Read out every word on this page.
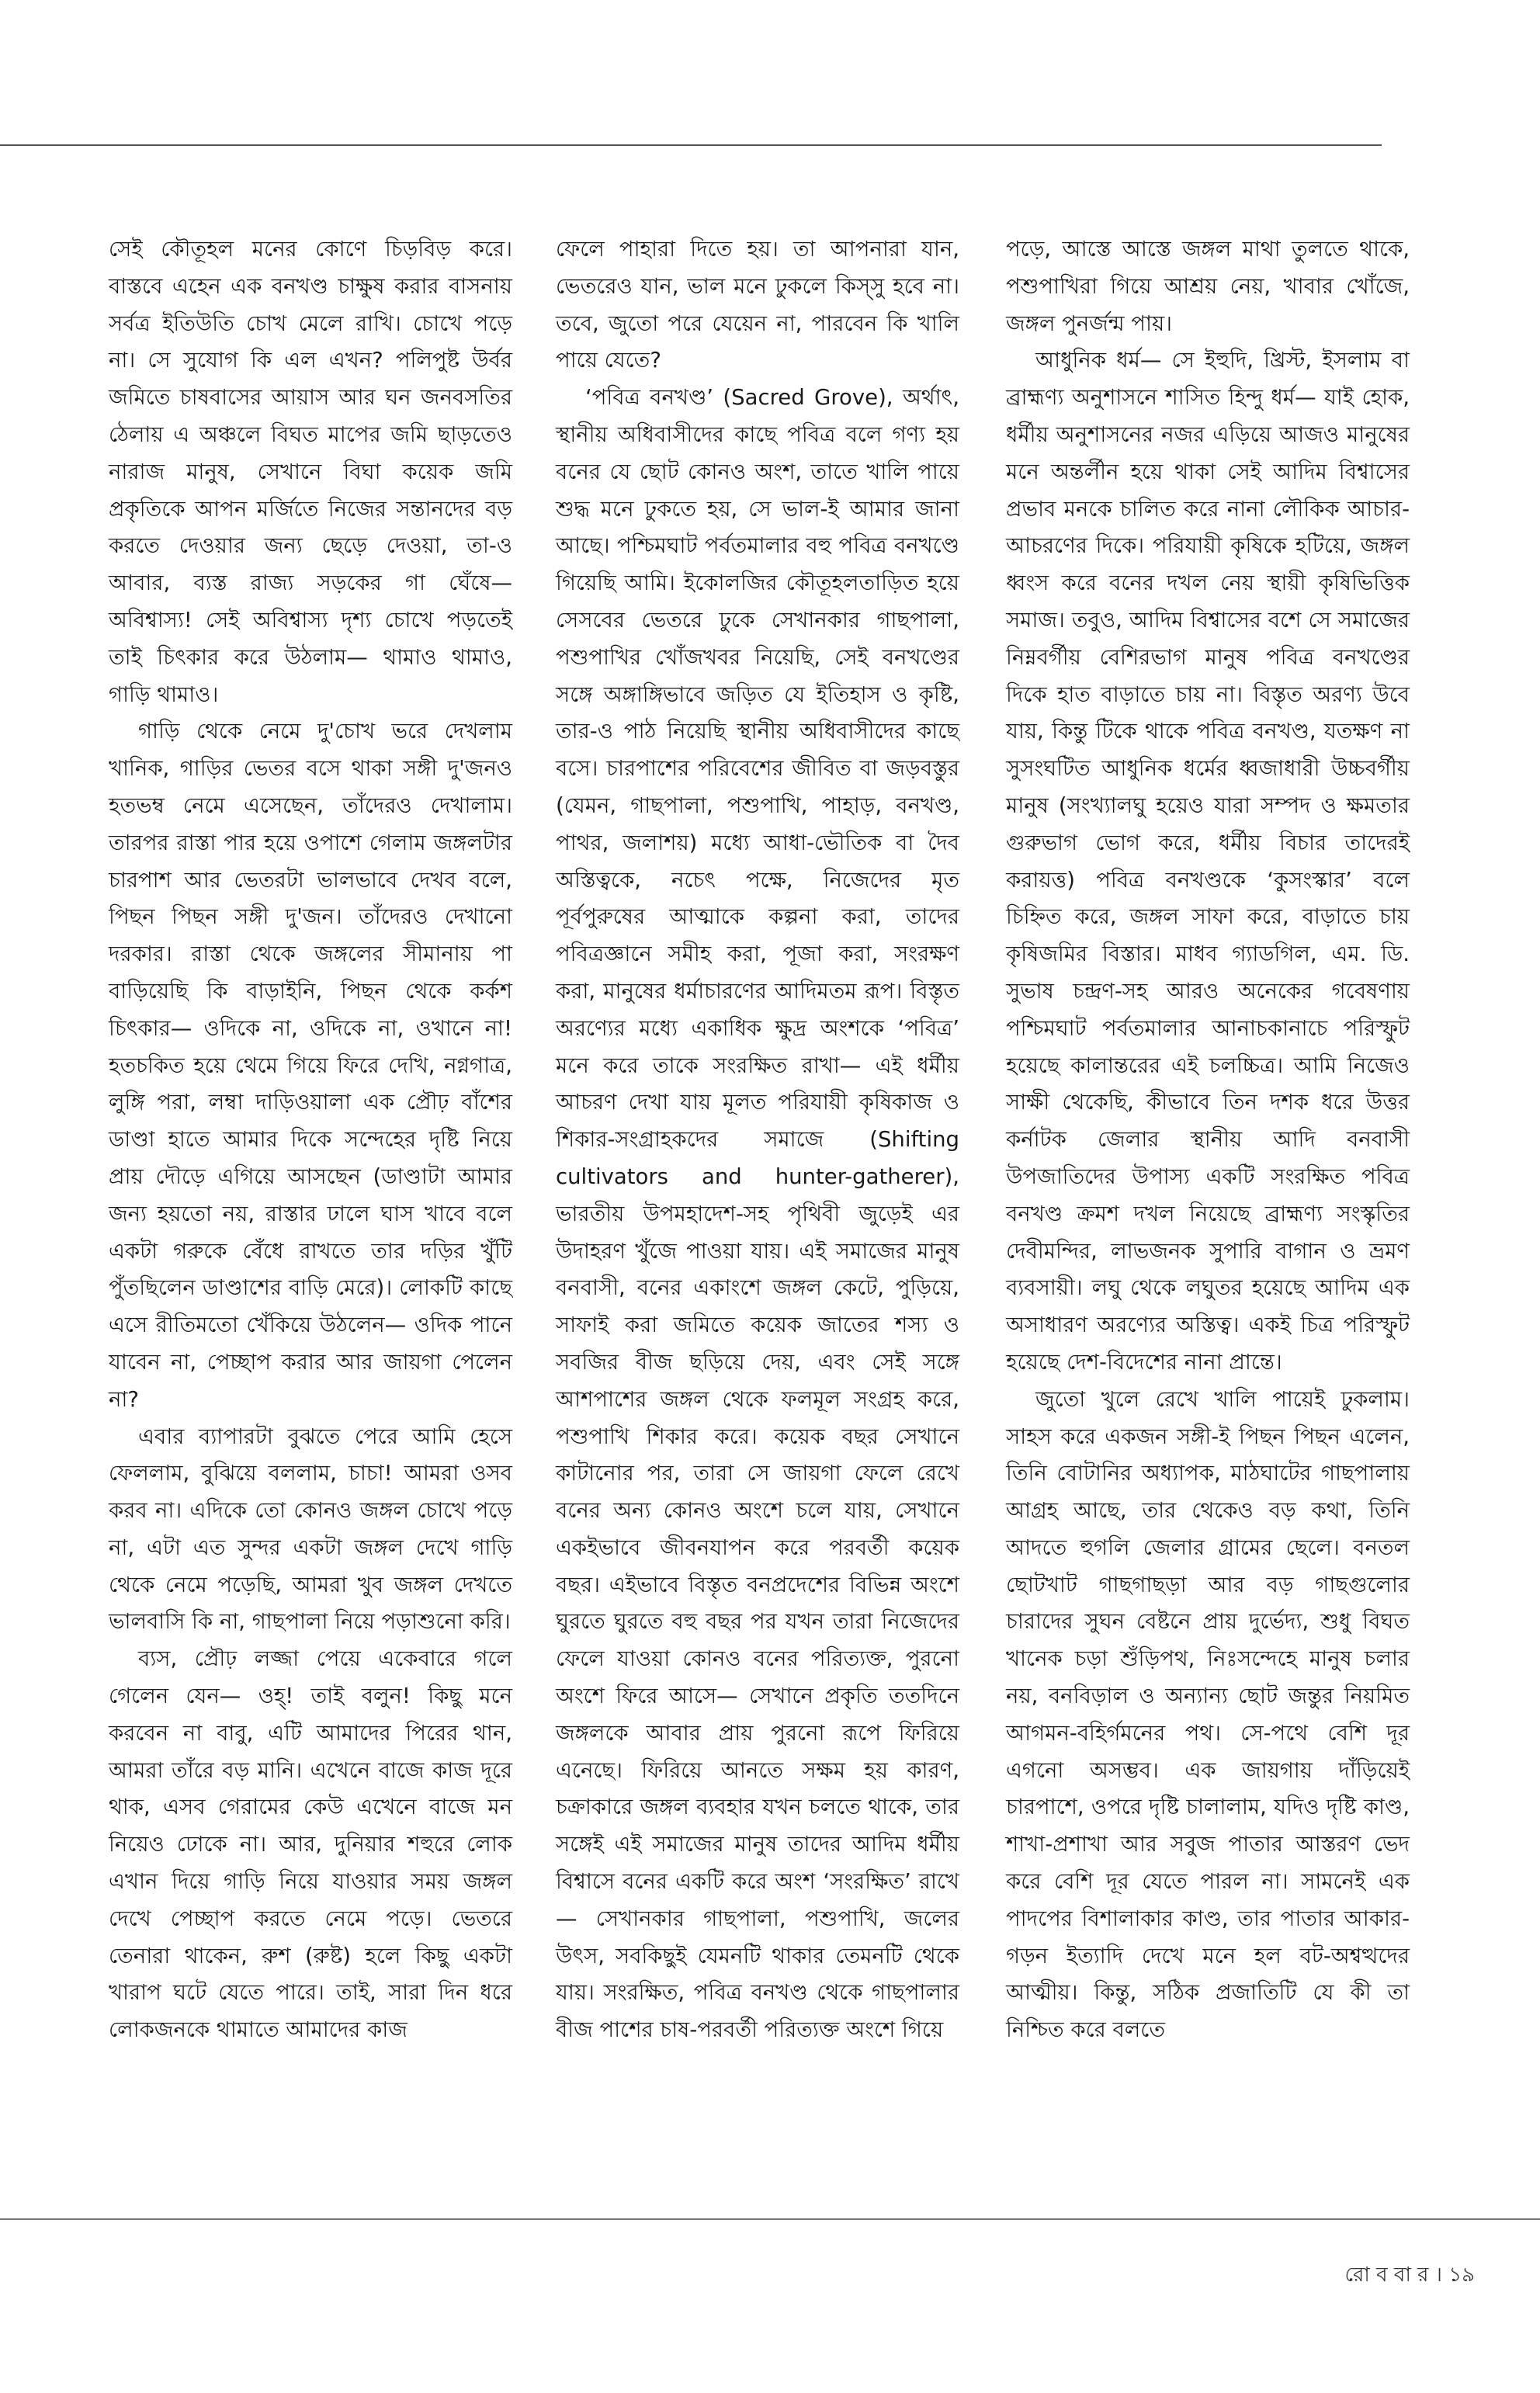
সেই কৌতূহল মনের কোণে চিড়বিড় করে। বাস্তবে এহেন এক বনখণ্ড চাক্ষুষ করার বাসনায় সর্বত্র ইতিউতি চোখ মেলে রাখি। চোখে পড়ে না। সে সুযোগ কি এল এখন? পলিপুষ্ট উর্বর জমিতে চাষবাসের আয়াস আর ঘন জনবসতির ঠেলায় এ অঞ্চলে বিঘত মাপের জমি ছাড়তেও নারাজ মানুষ, সেখানে বিঘা কয়েক জমি প্রকৃতিকে আপন মর্জিতে নিজের সন্তানদের বড় করতে দেওয়ার জন্য ছেড়ে দেওয়া, তা-ও আবার, ব্যস্ত রাজ্য সড়কের গা ঘেঁষে— অবিশ্বাস্য! সেই অবিশ্বাস্য দৃশ্য চোখে পড়তেই তাই চিৎকার করে উঠলাম— থামাও থামাও, গাড়ি থামাও।

গাড়ি থেকে নেমে দু'চোখ ভরে দেখলাম খানিক, গাড়ির ভেতর বসে থাকা সঙ্গী দু'জনও হতভম্ব নেমে এসেছেন, তাঁদেরও দেখালাম। তারপর রাস্তা পার হয়ে ওপাশে গেলাম জঙ্গলটার চারপাশ আর ভেতরটা ভালভাবে দেখব বলে, পিছন পিছন সঙ্গী দু'জন। তাঁদেরও দেখানো দরকার। রাস্তা থেকে জঙ্গলের সীমানায় পা বাড়িয়েছি কি বাড়াইনি, পিছন থেকে কর্কশ চিৎকার— ওদিকে না, ওদিকে না, ওখানে না! হতচকিত হয়ে থেমে গিয়ে ফিরে দেখি, নগ্নগাত্র, লুঙ্গি পরা, লম্বা দাড়িওয়ালা এক প্রৌঢ় বাঁশের ডাণ্ডা হাতে আমার দিকে সন্দেহের দৃষ্টি নিয়ে প্রায় দৌড়ে এগিয়ে আসছেন (ডাণ্ডাটা আমার জন্য হয়তো নয়, রাস্তার ঢালে ঘাস খাবে বলে একটা গরুকে বেঁধে রাখতে তার দড়ির খুঁটি পুঁতছিলেন ডাণ্ডাশের বাড়ি মেরে)। লোকটি কাছে এসে রীতিমতো খেঁকিয়ে উঠলেন— ওদিক পানে যাবেন না, পেচ্ছাপ করার আর জায়গা পেলেন না?

এবার ব্যাপারটা বুঝতে পেরে আমি হেসে ফেললাম, বুঝিয়ে বললাম, চাচা! আমরা ওসব করব না। এদিকে তো কোনও জঙ্গল চোখে পড়ে না, এটা এত সুন্দর একটা জঙ্গল দেখে গাড়ি থেকে নেমে পড়েছি, আমরা খুব জঙ্গল দেখতে ভালবাসি কি না, গাছপালা নিয়ে পড়াশুনো করি।

ব্যস, প্রৌঢ় লজ্জা পেয়ে একেবারে গলে গেলেন যেন— ওহ্! তাই বলুন! কিছু মনে করবেন না বাবু, এটি আমাদের পিরের থান, আমরা তাঁরে বড় মানি। এখেনে বাজে কাজ দূরে থাক, এসব গেরামের কেউ এখেনে বাজে মন নিয়েও ঢোকে না। আর, দুনিয়ার শহুরে লোক এখান দিয়ে গাড়ি নিয়ে যাওয়ার সময় জঙ্গল দেখে পেচ্ছাপ করতে নেমে পড়ে। ভেতরে তেনারা থাকেন, রুশ (রুষ্ট) হলে কিছু একটা খারাপ ঘটে যেতে পারে। তাই, সারা দিন ধরে লোকজনকে থামাতে আমাদের কাজ

ফেলে পাহারা দিতে হয়। তা আপনারা যান, ভেতরেও যান, ভাল মনে ঢুকলে কিস্‌সু হবে না। তবে, জুতো পরে যেয়েন না, পারবেন কি খালি পায়ে যেতে?

‘পবিত্র বনখণ্ড’ (Sacred Grove), অর্থাৎ, স্থানীয় অধিবাসীদের কাছে পবিত্র বলে গণ্য হয় বনের যে ছোট কোনও অংশ, তাতে খালি পায়ে শুদ্ধ মনে ঢুকতে হয়, সে ভাল-ই আমার জানা আছে। পশ্চিমঘাট পর্বতমালার বহু পবিত্র বনখণ্ডে গিয়েছি আমি। ইকোলজির কৌতূহলতাড়িত হয়ে সেসবের ভেতরে ঢুকে সেখানকার গাছপালা, পশুপাখির খোঁজখবর নিয়েছি, সেই বনখণ্ডের সঙ্গে অঙ্গাঙ্গিভাবে জড়িত যে ইতিহাস ও কৃষ্টি, তার-ও পাঠ নিয়েছি স্থানীয় অধিবাসীদের কাছে বসে। চারপাশের পরিবেশের জীবিত বা জড়বস্তুর (যেমন, গাছপালা, পশুপাখি, পাহাড়, বনখণ্ড, পাথর, জলাশয়) মধ্যে আধা-ভৌতিক বা দৈব অস্তিত্বকে, নচেৎ পক্ষে, নিজেদের মৃত পূর্বপুরুষের আত্মাকে কল্পনা করা, তাদের পবিত্রজ্ঞানে সমীহ করা, পূজা করা, সংরক্ষণ করা, মানুষের ধর্মাচারণের আদিমতম রূপ। বিস্তৃত অরণ্যের মধ্যে একাধিক ক্ষুদ্র অংশকে ‘পবিত্র’ মনে করে তাকে সংরক্ষিত রাখা— এই ধর্মীয় আচরণ দেখা যায় মূলত পরিযায়ী কৃষিকাজ ও শিকার-সংগ্রাহকদের সমাজে (Shifting cultivators and hunter-gatherer), ভারতীয় উপমহাদেশ-সহ পৃথিবী জুড়েই এর উদাহরণ খুঁজে পাওয়া যায়। এই সমাজের মানুষ বনবাসী, বনের একাংশে জঙ্গল কেটে, পুড়িয়ে, সাফাই করা জমিতে কয়েক জাতের শস্য ও সবজির বীজ ছড়িয়ে দেয়, এবং সেই সঙ্গে আশপাশের জঙ্গল থেকে ফলমূল সংগ্রহ করে, পশুপাখি শিকার করে। কয়েক বছর সেখানে কাটানোর পর, তারা সে জায়গা ফেলে রেখে বনের অন্য কোনও অংশে চলে যায়, সেখানে একইভাবে জীবনযাপন করে পরবর্তী কয়েক বছর। এইভাবে বিস্তৃত বনপ্রদেশের বিভিন্ন অংশে ঘুরতে ঘুরতে বহু বছর পর যখন তারা নিজেদের ফেলে যাওয়া কোনও বনের পরিত্যক্ত, পুরনো অংশে ফিরে আসে— সেখানে প্রকৃতি ততদিনে জঙ্গলকে আবার প্রায় পুরনো রূপে ফিরিয়ে এনেছে। ফিরিয়ে আনতে সক্ষম হয় কারণ, চক্রাকারে জঙ্গল ব্যবহার যখন চলতে থাকে, তার সঙ্গেই এই সমাজের মানুষ তাদের আদিম ধর্মীয় বিশ্বাসে বনের একটি করে অংশ ‘সংরক্ষিত’ রাখে— সেখানকার গাছপালা, পশুপাখি, জলের উৎস, সবকিছুই যেমনটি থাকার তেমনটি থেকে যায়। সংরক্ষিত, পবিত্র বনখণ্ড থেকে গাছপালার বীজ পাশের চাষ-পরবর্তী পরিত্যক্ত অংশে গিয়ে

পড়ে, আস্তে আস্তে জঙ্গল মাথা তুলতে থাকে, পশুপাখিরা গিয়ে আশ্রয় নেয়, খাবার খোঁজে, জঙ্গল পুনর্জন্ম পায়।

আধুনিক ধর্ম— সে ইহুদি, খ্রিস্ট, ইসলাম বা ব্রাহ্মণ্য অনুশাসনে শাসিত হিন্দু ধর্ম— যাই হোক, ধর্মীয় অনুশাসনের নজর এড়িয়ে আজও মানুষের মনে অন্তর্লীন হয়ে থাকা সেই আদিম বিশ্বাসের প্রভাব মনকে চালিত করে নানা লৌকিক আচার-আচরণের দিকে। পরিযায়ী কৃষিকে হটিয়ে, জঙ্গল ধ্বংস করে বনের দখল নেয় স্থায়ী কৃষিভিত্তিক সমাজ। তবুও, আদিম বিশ্বাসের বশে সে সমাজের নিম্নবর্গীয় বেশিরভাগ মানুষ পবিত্র বনখণ্ডের দিকে হাত বাড়াতে চায় না। বিস্তৃত অরণ্য উবে যায়, কিন্তু টিকে থাকে পবিত্র বনখণ্ড, যতক্ষণ না সুসংঘটিত আধুনিক ধর্মের ধ্বজাধারী উচ্চবর্গীয় মানুষ (সংখ্যালঘু হয়েও যারা সম্পদ ও ক্ষমতার গুরুভাগ ভোগ করে, ধর্মীয় বিচার তাদেরই করায়ত্ত) পবিত্র বনখণ্ডকে ‘কুসংস্কার’ বলে চিহ্নিত করে, জঙ্গল সাফা করে, বাড়াতে চায় কৃষিজমির বিস্তার। মাধব গ্যাডগিল, এম. ডি. সুভাষ চন্দ্রণ-সহ আরও অনেকের গবেষণায় পশ্চিমঘাট পর্বতমালার আনাচকানাচে পরিস্ফুট হয়েছে কালান্তরের এই চলচ্চিত্র। আমি নিজেও সাক্ষী থেকেছি, কীভাবে তিন দশক ধরে উত্তর কর্নাটক জেলার স্থানীয় আদি বনবাসী উপজাতিদের উপাস্য একটি সংরক্ষিত পবিত্র বনখণ্ড ক্রমশ দখল নিয়েছে ব্রাহ্মণ্য সংস্কৃতির দেবীমন্দির, লাভজনক সুপারি বাগান ও ভ্রমণ ব্যবসায়ী। লঘু থেকে লঘুতর হয়েছে আদিম এক অসাধারণ অরণ্যের অস্তিত্ব। একই চিত্র পরিস্ফুট হয়েছে দেশ-বিদেশের নানা প্রান্তে।

জুতো খুলে রেখে খালি পায়েই ঢুকলাম। সাহস করে একজন সঙ্গী-ই পিছন পিছন এলেন, তিনি বোটানির অধ্যাপক, মাঠঘাটের গাছপালায় আগ্রহ আছে, তার থেকেও বড় কথা, তিনি আদতে হুগলি জেলার গ্রামের ছেলে। বনতল ছোটখাট গাছগাছড়া আর বড় গাছগুলোর চারাদের সুঘন বেষ্টনে প্রায় দুর্ভেদ্য, শুধু বিঘত খানেক চড়া শুঁড়িপথ, নিঃসন্দেহে মানুষ চলার নয়, বনবিড়াল ও অন্যান্য ছোট জন্তুর নিয়মিত আগমন-বহির্গমনের পথ। সে-পথে বেশি দূর এগনো অসম্ভব। এক জায়গায় দাঁড়িয়েই চারপাশে, ওপরে দৃষ্টি চালালাম, যদিও দৃষ্টি কাণ্ড, শাখা-প্রশাখা আর সবুজ পাতার আস্তরণ ভেদ করে বেশি দূর যেতে পারল না। সামনেই এক পাদপের বিশালাকার কাণ্ড, তার পাতার আকার-গড়ন ইত্যাদি দেখে মনে হল বট-অশ্বত্থদের আত্মীয়। কিন্তু, সঠিক প্রজাতিটি যে কী তা নিশ্চিত করে বলতে

রো ব বা র । ১৯
